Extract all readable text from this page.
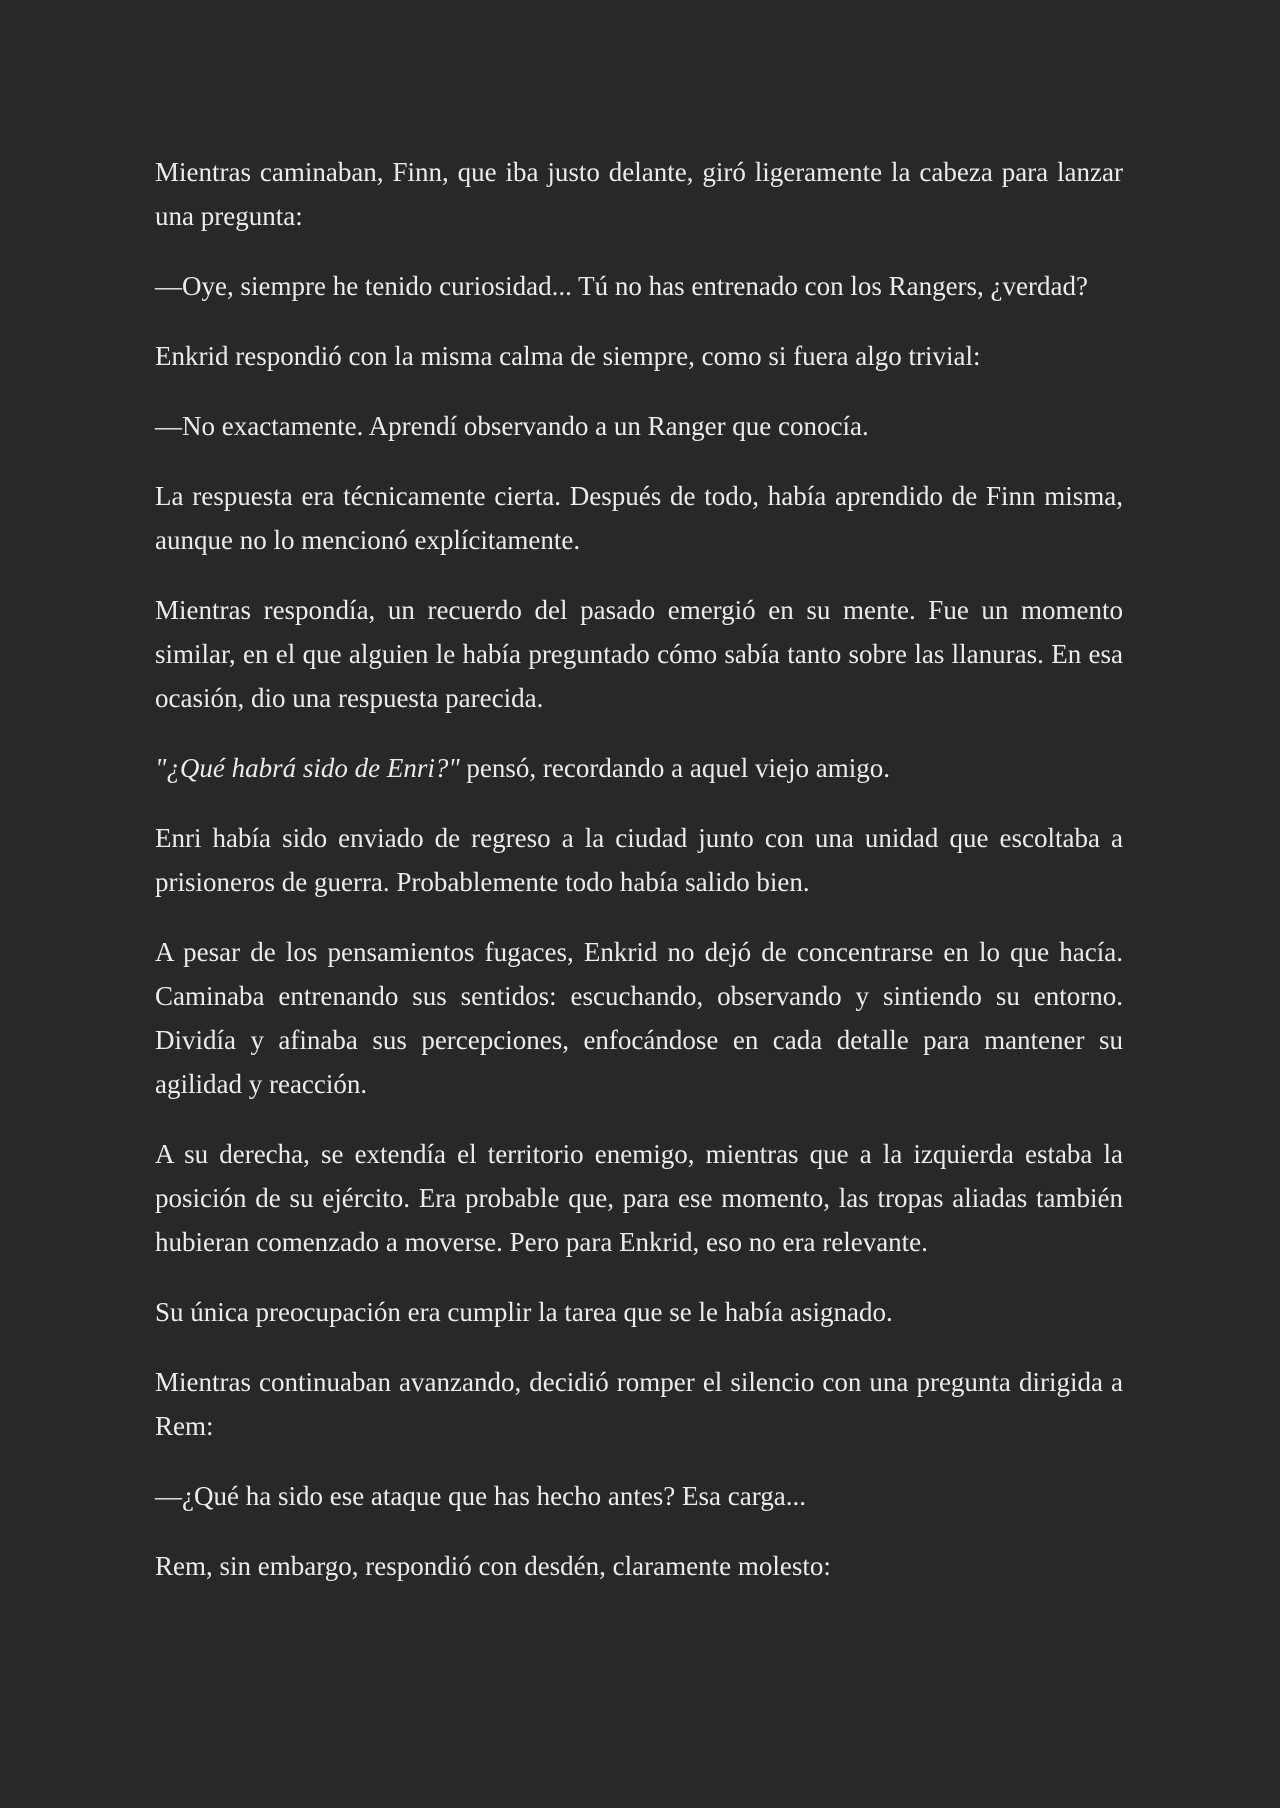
Mientras caminaban, Finn, que iba justo delante, giró ligeramente la cabeza para lanzar una pregunta:

—Oye, siempre he tenido curiosidad... Tú no has entrenado con los Rangers, ¿verdad?

Enkrid respondió con la misma calma de siempre, como si fuera algo trivial:

—No exactamente. Aprendí observando a un Ranger que conocía.

La respuesta era técnicamente cierta. Después de todo, había aprendido de Finn misma, aunque no lo mencionó explícitamente.

Mientras respondía, un recuerdo del pasado emergió en su mente. Fue un momento similar, en el que alguien le había preguntado cómo sabía tanto sobre las llanuras. En esa ocasión, dio una respuesta parecida.

"¿Qué habrá sido de Enri?" pensó, recordando a aquel viejo amigo.

Enri había sido enviado de regreso a la ciudad junto con una unidad que escoltaba a prisioneros de guerra. Probablemente todo había salido bien.

A pesar de los pensamientos fugaces, Enkrid no dejó de concentrarse en lo que hacía. Caminaba entrenando sus sentidos: escuchando, observando y sintiendo su entorno. Dividía y afinaba sus percepciones, enfocándose en cada detalle para mantener su agilidad y reacción.

A su derecha, se extendía el territorio enemigo, mientras que a la izquierda estaba la posición de su ejército. Era probable que, para ese momento, las tropas aliadas también hubieran comenzado a moverse. Pero para Enkrid, eso no era relevante.

Su única preocupación era cumplir la tarea que se le había asignado.

Mientras continuaban avanzando, decidió romper el silencio con una pregunta dirigida a Rem:

—¿Qué ha sido ese ataque que has hecho antes? Esa carga...

Rem, sin embargo, respondió con desdén, claramente molesto:
